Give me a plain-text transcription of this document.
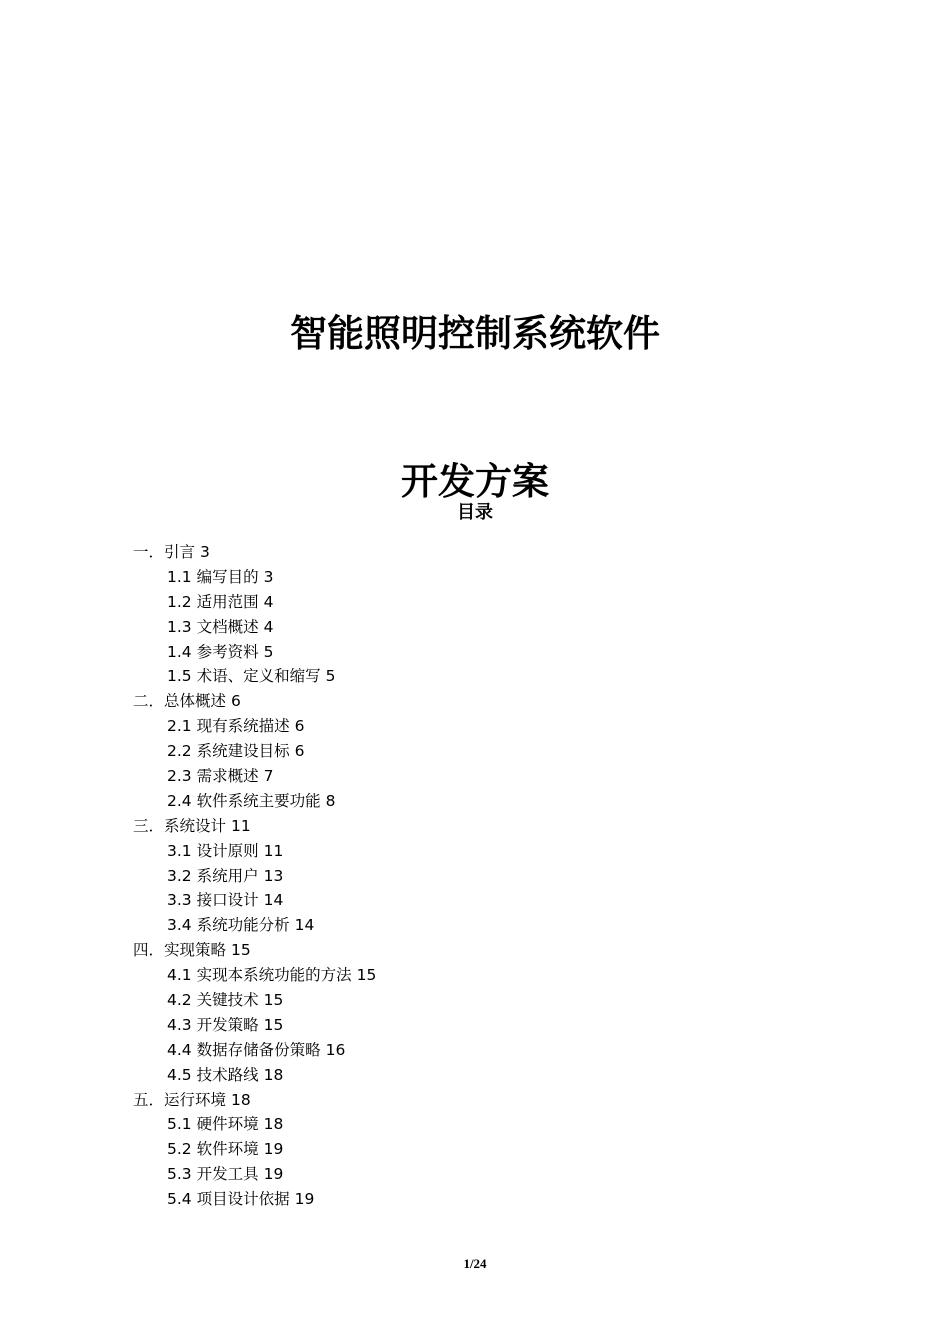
智能照明控制系统软件
开发方案
目录
一．引言 3
1.1 编写目的 3
1.2 适用范围 4
1.3 文档概述 4
1.4 参考资料 5
1.5 术语、定义和缩写 5
二．总体概述 6
2.1 现有系统描述 6
2.2 系统建设目标 6
2.3 需求概述 7
2.4 软件系统主要功能 8
三．系统设计 11
3.1 设计原则 11
3.2 系统用户 13
3.3 接口设计 14
3.4 系统功能分析 14
四．实现策略 15
4.1 实现本系统功能的方法 15
4.2 关键技术 15
4.3 开发策略 15
4.4 数据存储备份策略 16
4.5 技术路线 18
五．运行环境 18
5.1 硬件环境 18
5.2 软件环境 19
5.3 开发工具 19
5.4 项目设计依据 19
1/24
